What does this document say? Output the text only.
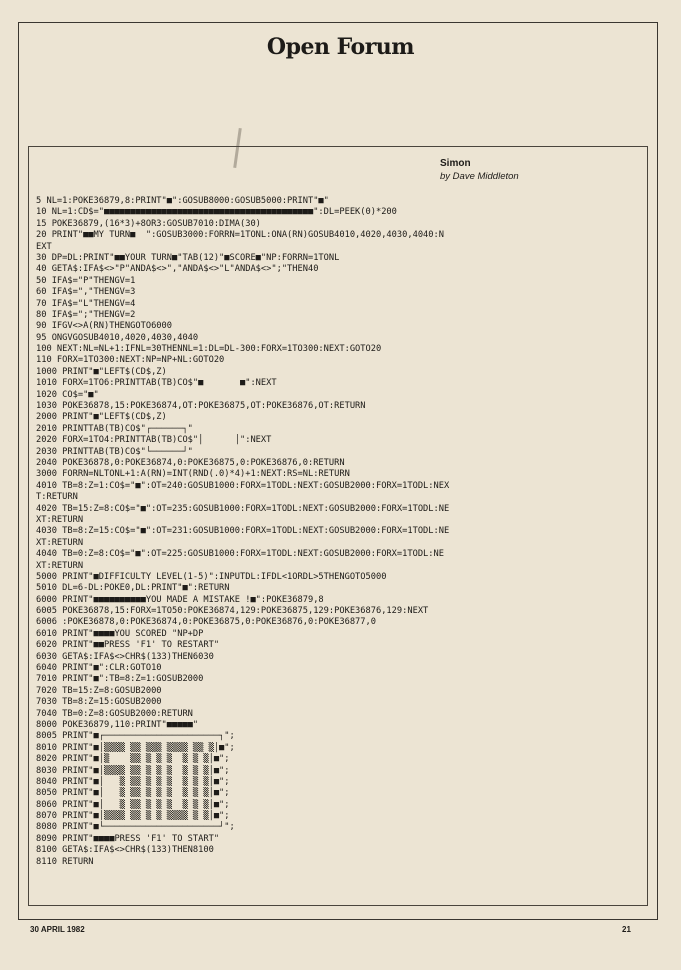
Open Forum
Simon
by Dave Middleton
5 NL=1:POKE36879,8:PRINT"■":GOSUB8000:GOSUB5000:PRINT"■"
10 NL=1:CD$="■■■■■■■■■■■■■■■■■■■■■■■■■■■■■■■■■■■■■■■■":DL=PEEK(0)*200
15 POKE36879,(16*3)+8OR3:GOSUB7010:DIMA(30)
20 PRINT"■■MY TURN■  ":GOSUB3000:FORRN=1TONL:ONA(RN)GOSUB4010,4020,4030,4040:N
EXT
30 DP=DL:PRINT"■■YOUR TURN■"TAB(12)"■SCORE■"NP:FORRN=1TONL
40 GETA$:IFA$<>"P"ANDA$<>","ANDA$<>"L"ANDA$<>";"THEN40
50 IFA$="P"THENGV=1
60 IFA$=","THENGV=3
70 IFA$="L"THENGV=4
80 IFA$=";"THENGV=2
90 IFGV<>A(RN)THENGOTO6000
95 ONGVGOSUB4010,4020,4030,4040
100 NEXT:NL=NL+1:IFNL=30THENNL=1:DL=DL-300:FORX=1TO300:NEXT:GOTO20
110 FORX=1TO300:NEXT:NP=NP+NL:GOTO20
1000 PRINT"■"LEFT$(CD$,Z)
1010 FORX=1TO6:PRINTTAB(TB)CO$"■       ■":NEXT
1020 CO$="■"
1030 POKE36878,15:POKE36874,OT:POKE36875,OT:POKE36876,OT:RETURN
2000 PRINT"■"LEFT$(CD$,Z)
2010 PRINTTAB(TB)CO$"┌──────┐"
2020 FORX=1TO4:PRINTTAB(TB)CO$"│      │":NEXT
2030 PRINTTAB(TB)CO$"└──────┘"
2040 POKE36878,0:POKE36874,0:POKE36875,0:POKE36876,0:RETURN
3000 FORRN=NLTONL+1:A(RN)=INT(RND(.0)*4)+1:NEXT:RS=NL:RETURN
4010 TB=8:Z=1:CO$="■":OT=240:GOSUB1000:FORX=1TODL:NEXT:GOSUB2000:FORX=1TODL:NEX
T:RETURN
4020 TB=15:Z=8:CO$="■":OT=235:GOSUB1000:FORX=1TODL:NEXT:GOSUB2000:FORX=1TODL:NE
XT:RETURN
4030 TB=8:Z=15:CO$="■":OT=231:GOSUB1000:FORX=1TODL:NEXT:GOSUB2000:FORX=1TODL:NE
XT:RETURN
4040 TB=0:Z=8:CO$="■":OT=225:GOSUB1000:FORX=1TODL:NEXT:GOSUB2000:FORX=1TODL:NE
XT:RETURN
5000 PRINT"■DIFFICULTY LEVEL(1-5)":INPUTDL:IFDL<1ORDL>5THENGOTO5000
5010 DL=6-DL:POKE0,DL:PRINT"■":RETURN
6000 PRINT"■■■■■■■■■■YOU MADE A MISTAKE !■":POKE36879,8
6005 POKE36878,15:FORX=1TO50:POKE36874,129:POKE36875,129:POKE36876,129:NEXT
6006 :POKE36878,0:POKE36874,0:POKE36875,0:POKE36876,0:POKE36877,0
6010 PRINT"■■■■YOU SCORED "NP+DP
6020 PRINT"■■PRESS 'F1' TO RESTART"
6030 GETA$:IFA$<>CHR$(133)THEN6030
6040 PRINT"■":CLR:GOTO10
7010 PRINT"■":TB=8:Z=1:GOSUB2000
7020 TB=15:Z=8:GOSUB2000
7030 TB=8:Z=15:GOSUB2000
7040 TB=0:Z=8:GOSUB2000:RETURN
8000 POKE36879,110:PRINT"■■■■■"
8005 PRINT"■┌──────────────────────┐";
8010 PRINT"■│▒▒▒▒ ▒▒ ▒▒▒ ▒▒▒▒ ▒▒ ▒│■";
8020 PRINT"■│▒    ▒▒ ▒ ▒ ▒  ▒ ▒ ▒│■";
8030 PRINT"■│▒▒▒▒ ▒▒ ▒ ▒ ▒  ▒ ▒ ▒│■";
8040 PRINT"■│   ▒ ▒▒ ▒ ▒ ▒  ▒ ▒ ▒│■";
8050 PRINT"■│   ▒ ▒▒ ▒ ▒ ▒  ▒ ▒ ▒│■";
8060 PRINT"■│   ▒ ▒▒ ▒ ▒ ▒  ▒ ▒ ▒│■";
8070 PRINT"■│▒▒▒▒ ▒▒ ▒ ▒ ▒▒▒▒ ▒ ▒│■";
8080 PRINT"■└──────────────────────┘";
8090 PRINT"■■■■PRESS 'F1' TO START"
8100 GETA$:IFA$<>CHR$(133)THEN8100
8110 RETURN
30 APRIL 1982	21
